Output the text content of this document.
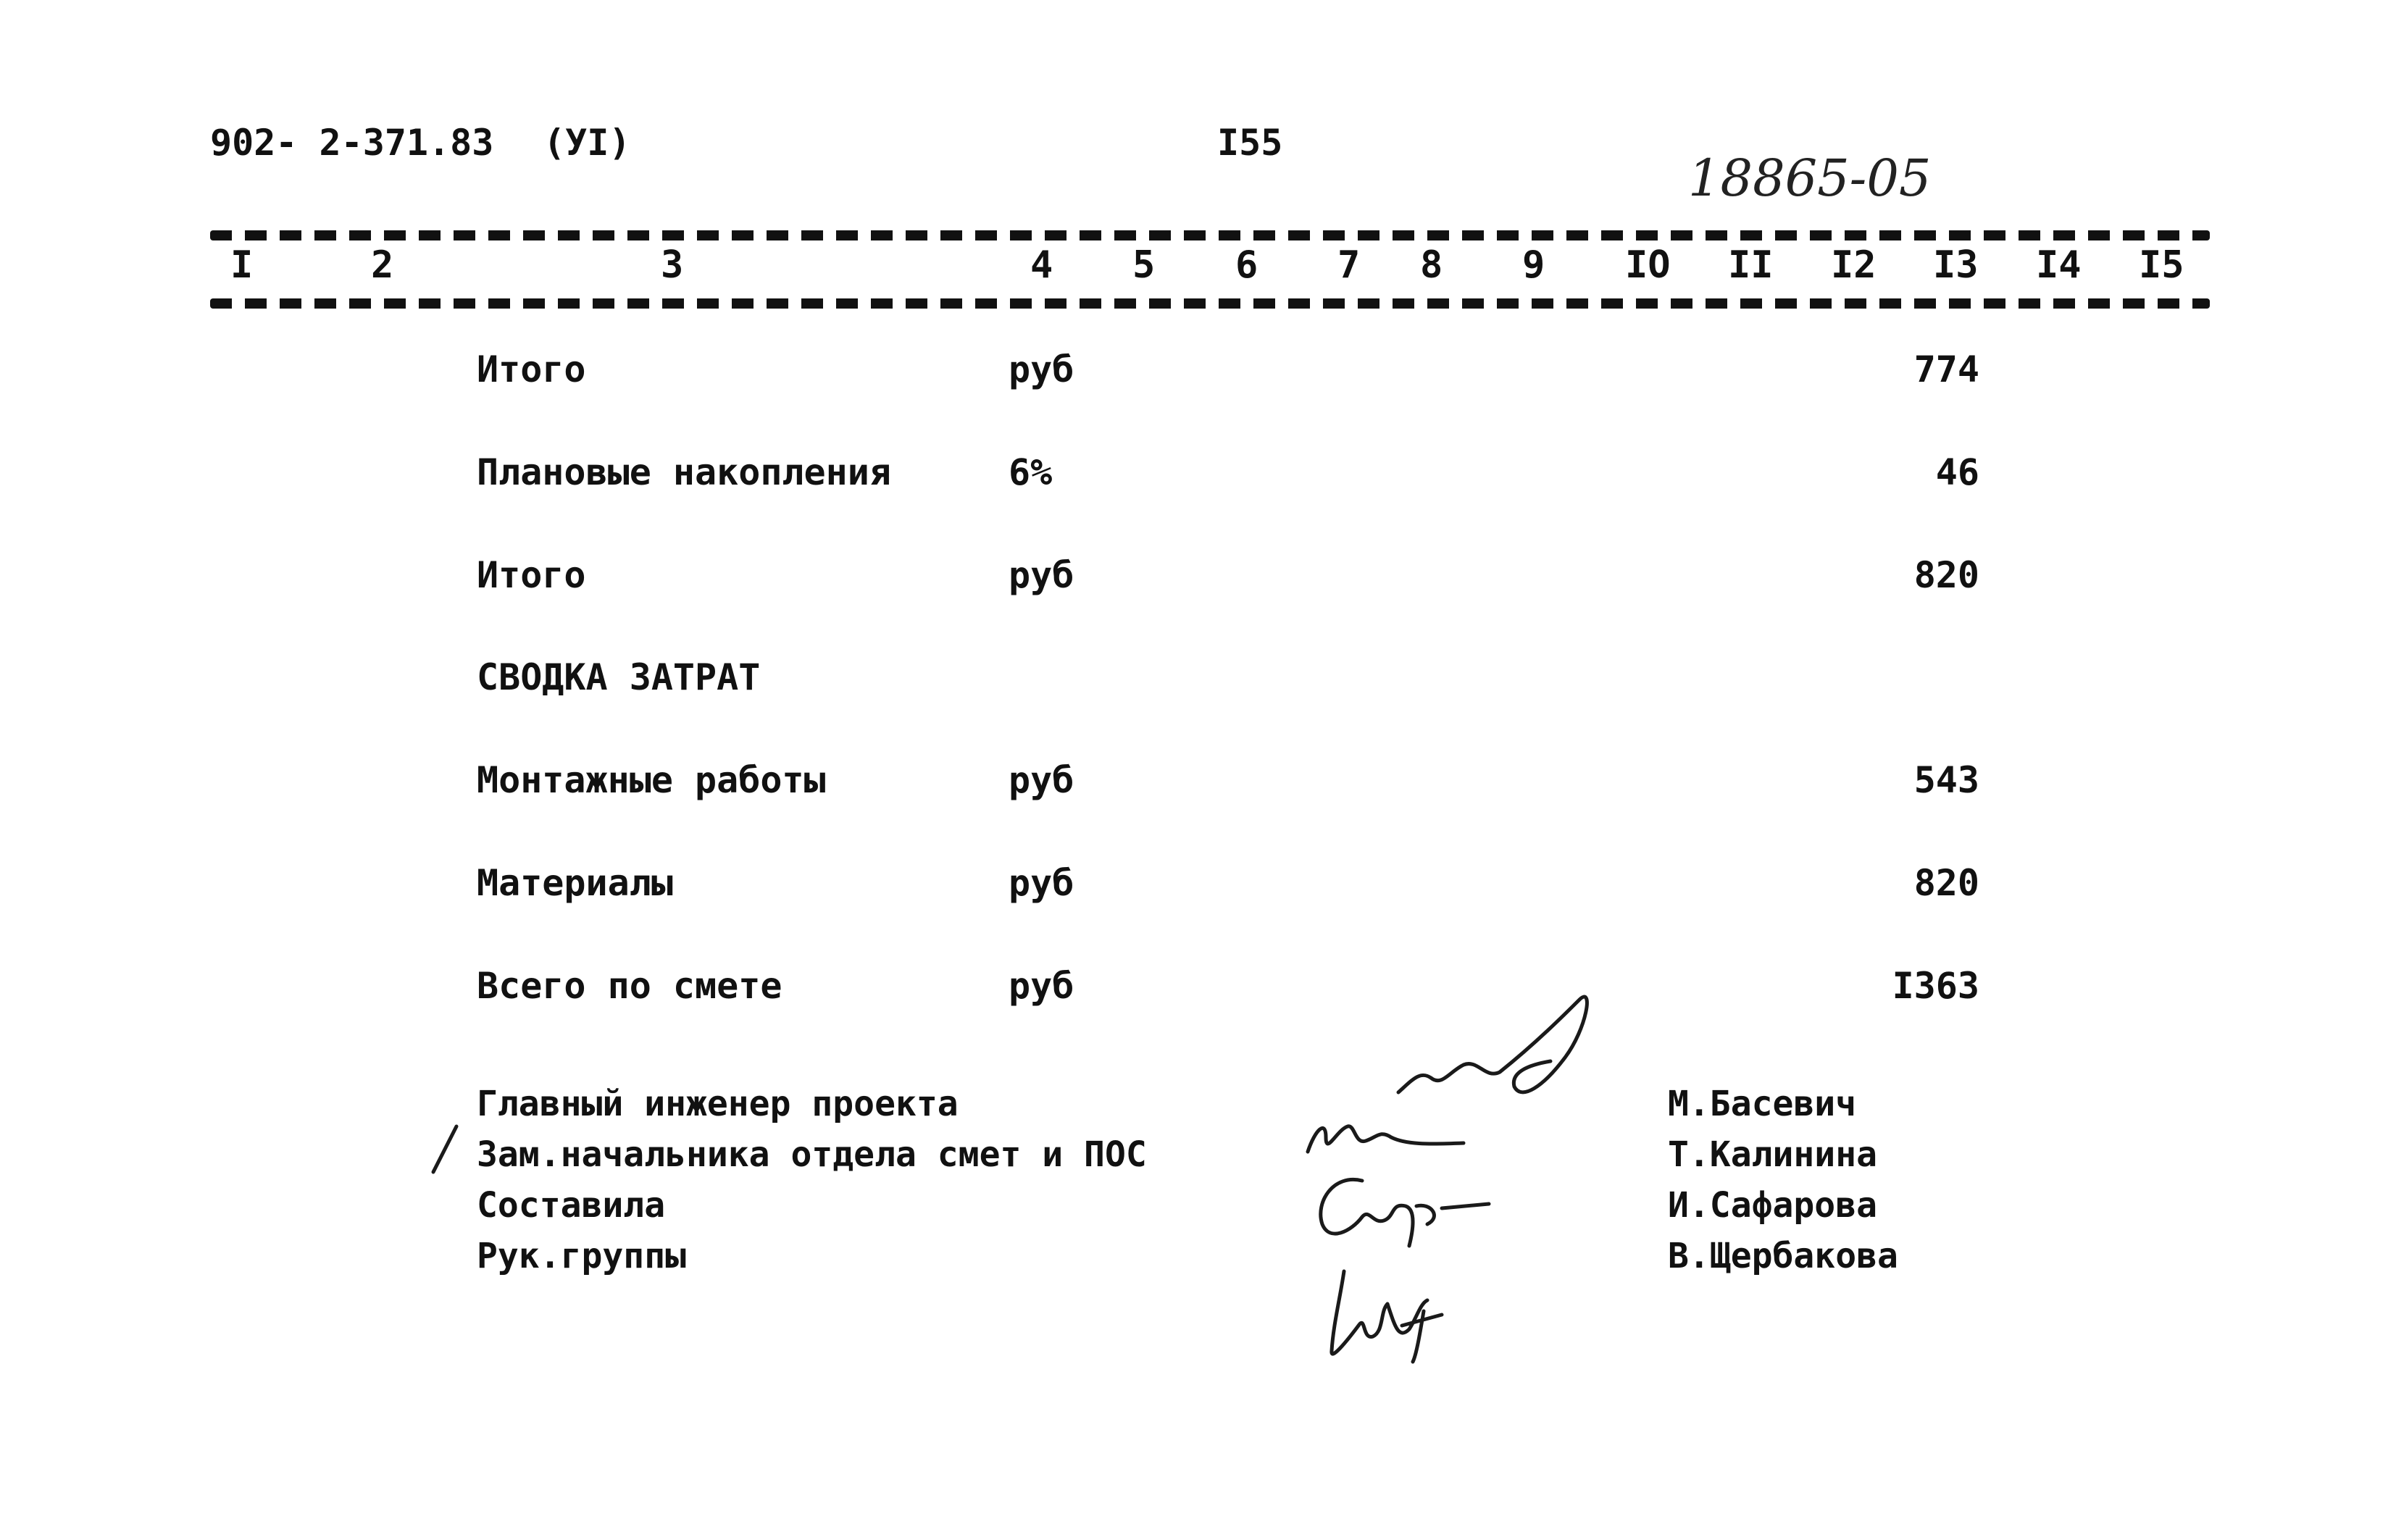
902- 2-371.83 (УI)	I55
18865-05
I	2	3	4 5 6 7 8 9 IO II I2 I3 I4 I5
Итого	руб	774
Плановые накопления	6%	46
Итого	руб	820
СВОДКА ЗАТРАТ
Монтажные работы	руб	543
Материалы	руб	820
Всего по смете	руб	I363
Главный инженер проекта	М.Басевич
Зам.начальника отдела смет и ПОС	Т.Калинина
Составила	И.Сафарова
Рук.группы	В.Щербакова
